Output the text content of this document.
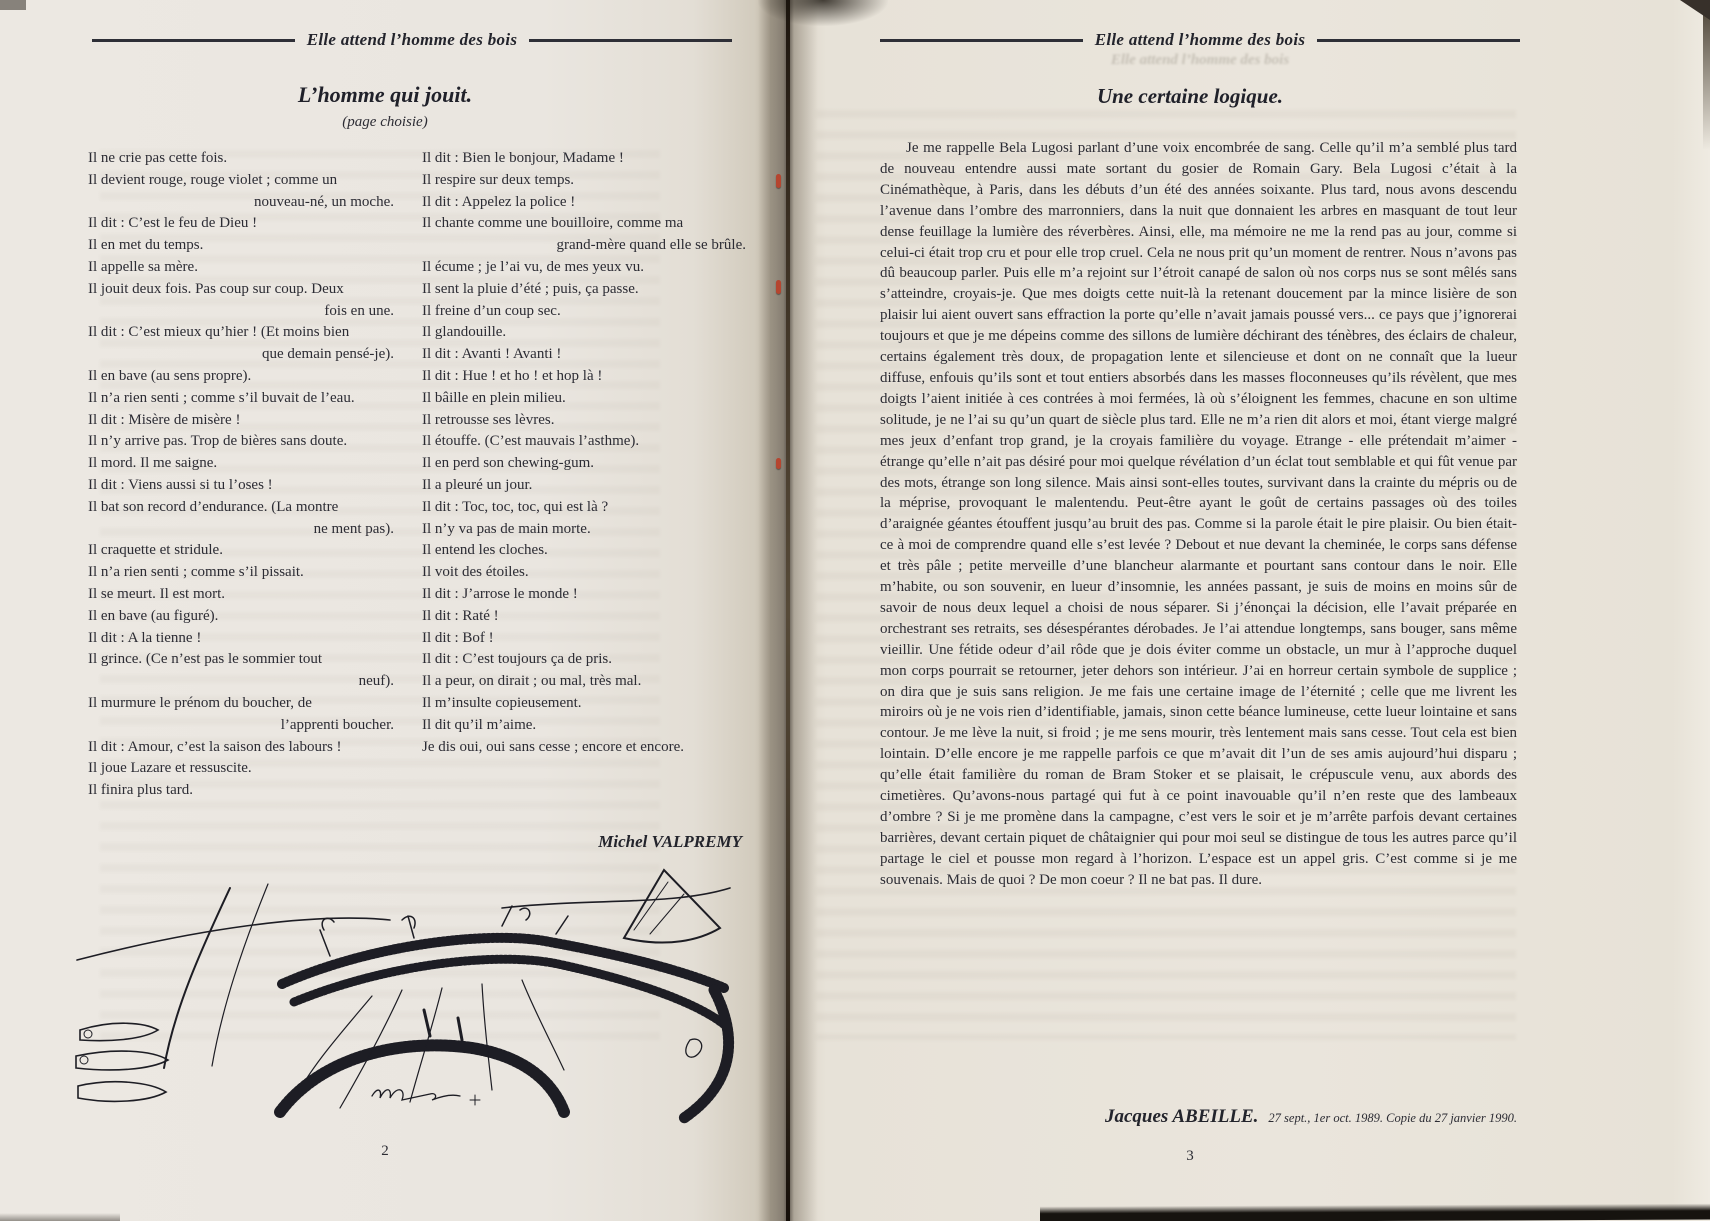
Elle attend l’homme des bois
L’homme qui jouit.
(page choisie)
Il ne crie pas cette fois.
Il devient rouge, rouge violet ; comme un
nouveau-né, un moche.
Il dit : C’est le feu de Dieu !
Il en met du temps.
Il appelle sa mère.
Il jouit deux fois. Pas coup sur coup. Deux
fois en une.
Il dit : C’est mieux qu’hier ! (Et moins bien
que demain pensé-je).
Il en bave (au sens propre).
Il n’a rien senti ; comme s’il buvait de l’eau.
Il dit : Misère de misère !
Il n’y arrive pas. Trop de bières sans doute.
Il mord. Il me saigne.
Il dit : Viens aussi si tu l’oses !
Il bat son record d’endurance. (La montre
ne ment pas).
Il craquette et stridule.
Il n’a rien senti ; comme s’il pissait.
Il se meurt. Il est mort.
Il en bave (au figuré).
Il dit : A la tienne !
Il grince. (Ce n’est pas le sommier tout
neuf).
Il murmure le prénom du boucher, de
l’apprenti boucher.
Il dit : Amour, c’est la saison des labours !
Il joue Lazare et ressuscite.
Il finira plus tard.
Il dit : Bien le bonjour, Madame !
Il respire sur deux temps.
Il dit : Appelez la police !
Il chante comme une bouilloire, comme ma
grand-mère quand elle se brûle.
Il écume ; je l’ai vu, de mes yeux vu.
Il sent la pluie d’été ; puis, ça passe.
Il freine d’un coup sec.
Il glandouille.
Il dit : Avanti ! Avanti !
Il dit : Hue ! et ho ! et hop là !
Il bâille en plein milieu.
Il retrousse ses lèvres.
Il étouffe. (C’est mauvais l’asthme).
Il en perd son chewing-gum.
Il a pleuré un jour.
Il dit : Toc, toc, toc, qui est là ?
Il n’y va pas de main morte.
Il entend les cloches.
Il voit des étoiles.
Il dit : J’arrose le monde !
Il dit : Raté !
Il dit : Bof !
Il dit : C’est toujours ça de pris.
Il a peur, on dirait ; ou mal, très mal.
Il m’insulte copieusement.
Il dit qu’il m’aime.
Je dis oui, oui sans cesse ; encore et encore.
Michel VALPREMY
2
Elle attend l’homme des bois
Elle attend l’homme des bois
Une certaine logique.
Je me rappelle Bela Lugosi parlant d’une voix encombrée de sang. Celle qu’il m’a semblé plus tard de nouveau entendre aussi mate sortant du gosier de Romain Gary. Bela Lugosi c’était à la Cinémathèque, à Paris, dans les débuts d’un été des années soixante. Plus tard, nous avons descendu l’avenue dans l’ombre des marronniers, dans la nuit que donnaient les arbres en masquant de tout leur dense feuillage la lumière des réverbères. Ainsi, elle, ma mémoire ne me la rend pas au jour, comme si celui-ci était trop cru et pour elle trop cruel. Cela ne nous prit qu’un moment de rentrer. Nous n’avons pas dû beaucoup parler. Puis elle m’a rejoint sur l’étroit canapé de salon où nos corps nus se sont mêlés sans s’atteindre, croyais-je. Que mes doigts cette nuit-là la retenant doucement par la mince lisière de son plaisir lui aient ouvert sans effraction la porte qu’elle n’avait jamais poussé vers... ce pays que j’ignorerai toujours et que je me dépeins comme des sillons de lumière déchirant des ténèbres, des éclairs de chaleur, certains également très doux, de propagation lente et silencieuse et dont on ne connaît que la lueur diffuse, enfouis qu’ils sont et tout entiers absorbés dans les masses floconneuses qu’ils révèlent, que mes doigts l’aient initiée à ces contrées à moi fermées, là où s’éloignent les femmes, chacune en son ultime solitude, je ne l’ai su qu’un quart de siècle plus tard. Elle ne m’a rien dit alors et moi, étant vierge malgré mes jeux d’enfant trop grand, je la croyais familière du voyage. Etrange - elle prétendait m’aimer - étrange qu’elle n’ait pas désiré pour moi quelque révélation d’un éclat tout semblable et qui fût venue par des mots, étrange son long silence. Mais ainsi sont-elles toutes, survivant dans la crainte du mépris ou de la méprise, provoquant le malentendu. Peut-être ayant le goût de certains passages où des toiles d’araignée géantes étouffent jusqu’au bruit des pas. Comme si la parole était le pire plaisir. Ou bien était-ce à moi de comprendre quand elle s’est levée ? Debout et nue devant la cheminée, le corps sans défense et très pâle ; petite merveille d’une blancheur alarmante et pourtant sans contour dans le noir. Elle m’habite, ou son souvenir, en lueur d’insomnie, les années passant, je suis de moins en moins sûr de savoir de nous deux lequel a choisi de nous séparer. Si j’énonçai la décision, elle l’avait préparée en orchestrant ses retraits, ses désespérantes dérobades. Je l’ai attendue longtemps, sans bouger, sans même vieillir. Une fétide odeur d’ail rôde que je dois éviter comme un obstacle, un mur à l’approche duquel mon corps pourrait se retourner, jeter dehors son intérieur. J’ai en horreur certain symbole de supplice ; on dira que je suis sans religion. Je me fais une certaine image de l’éternité ; celle que me livrent les miroirs où je ne vois rien d’identifiable, jamais, sinon cette béance lumineuse, cette lueur lointaine et sans contour. Je me lève la nuit, si froid ; je me sens mourir, très lentement mais sans cesse. Tout cela est bien lointain. D’elle encore je me rappelle parfois ce que m’avait dit l’un de ses amis aujourd’hui disparu ; qu’elle était familière du roman de Bram Stoker et se plaisait, le crépuscule venu, aux abords des cimetières. Qu’avons-nous partagé qui fut à ce point inavouable qu’il n’en reste que des lambeaux d’ombre ? Si je me promène dans la campagne, c’est vers le soir et je m’arrête parfois devant certaines barrières, devant certain piquet de châtaignier qui pour moi seul se distingue de tous les autres parce qu’il partage le ciel et pousse mon regard à l’horizon. L’espace est un appel gris. C’est comme si je me souvenais. Mais de quoi ? De mon coeur ? Il ne bat pas. Il dure.
Jacques ABEILLE. 27 sept., 1er oct. 1989. Copie du 27 janvier 1990.
3
